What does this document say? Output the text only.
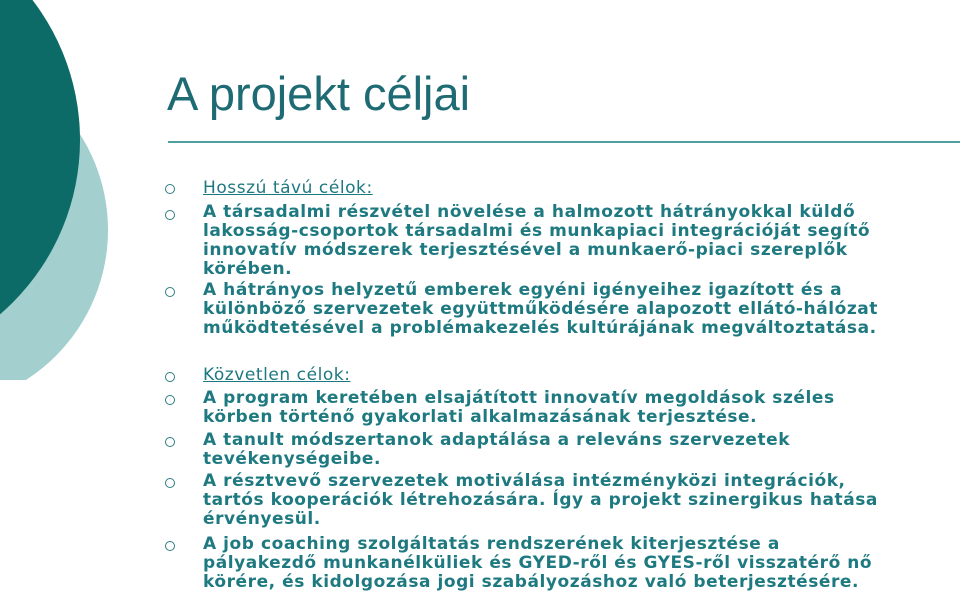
A projekt céljai
Hosszú távú célok:
A társadalmi részvétel növelése a halmozott hátrányokkal küldő
lakosság-csoportok társadalmi és munkapiaci integrációját segítő
innovatív módszerek terjesztésével a munkaerő-piaci szereplők
körében.
A hátrányos helyzetű emberek egyéni igényeihez igazított és a
különböző szervezetek együttműködésére alapozott ellátó-hálózat
működtetésével a problémakezelés kultúrájának megváltoztatása.
Közvetlen célok:
A program keretében elsajátított innovatív megoldások széles
körben történő gyakorlati alkalmazásának terjesztése.
A tanult módszertanok adaptálása a releváns szervezetek
tevékenységeibe.
A résztvevő szervezetek motiválása intézményközi integrációk,
tartós kooperációk létrehozására. Így a projekt szinergikus hatása
érvényesül.
A job coaching szolgáltatás rendszerének kiterjesztése a
pályakezdő munkanélküliek és GYED-ről és GYES-ről visszatérő nő
körére, és kidolgozása jogi szabályozáshoz való beterjesztésére.
